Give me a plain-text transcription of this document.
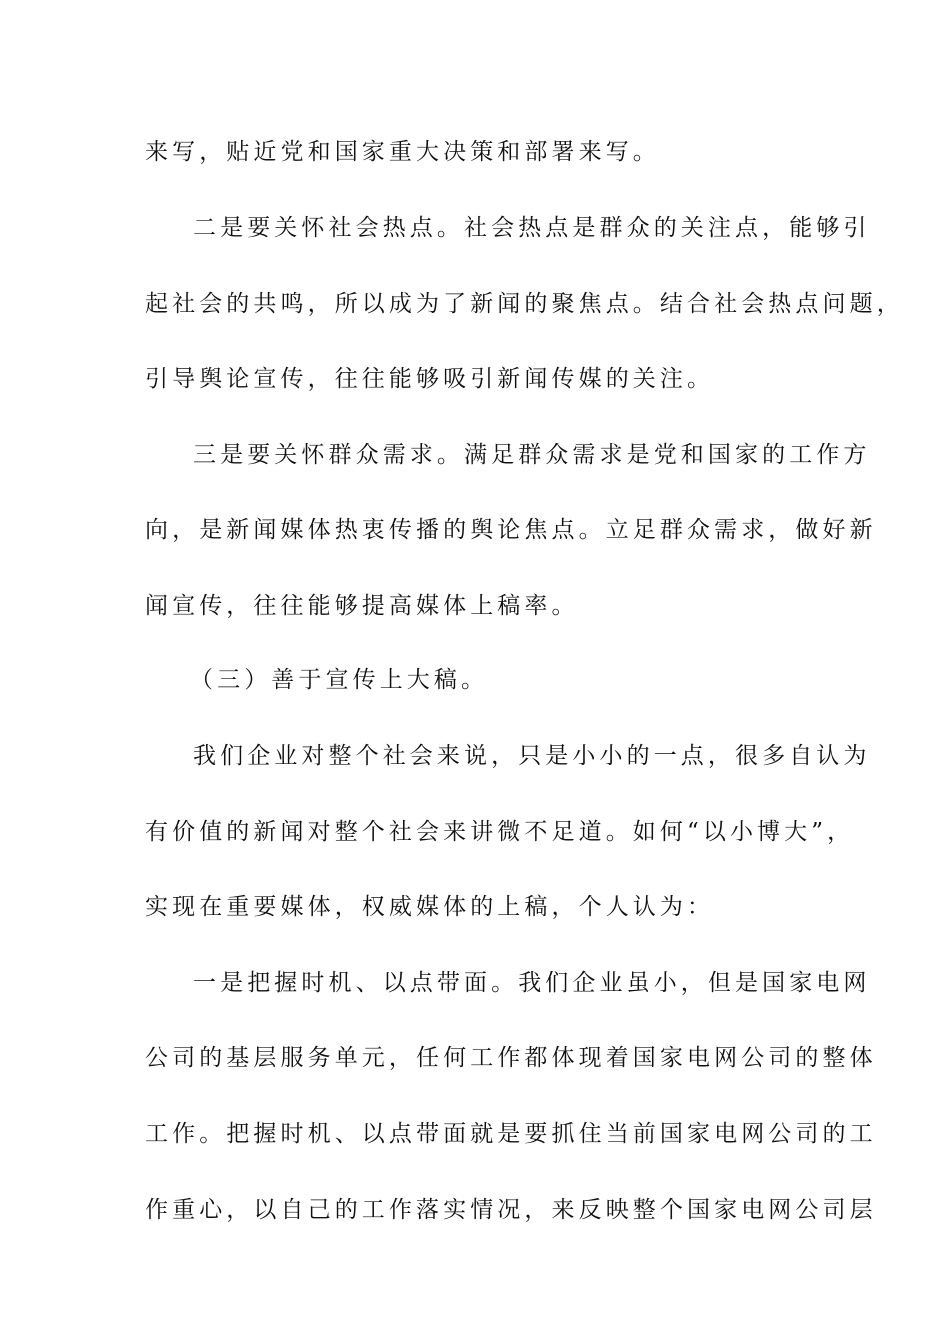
来写，贴近党和国家重大决策和部署来写。
二是要关怀社会热点。社会热点是群众的关注点，能够引
起社会的共鸣，所以成为了新闻的聚焦点。结合社会热点问题，
引导舆论宣传，往往能够吸引新闻传媒的关注。
三是要关怀群众需求。满足群众需求是党和国家的工作方
向，是新闻媒体热衷传播的舆论焦点。立足群众需求，做好新
闻宣传，往往能够提高媒体上稿率。
（三）善于宣传上大稿。
我们企业对整个社会来说，只是小小的一点，很多自认为
有价值的新闻对整个社会来讲微不足道。如何“以小博大”，
实现在重要媒体，权威媒体的上稿，个人认为：
一是把握时机、以点带面。我们企业虽小，但是国家电网
公司的基层服务单元，任何工作都体现着国家电网公司的整体
工作。把握时机、以点带面就是要抓住当前国家电网公司的工
作重心，以自己的工作落实情况，来反映整个国家电网公司层
